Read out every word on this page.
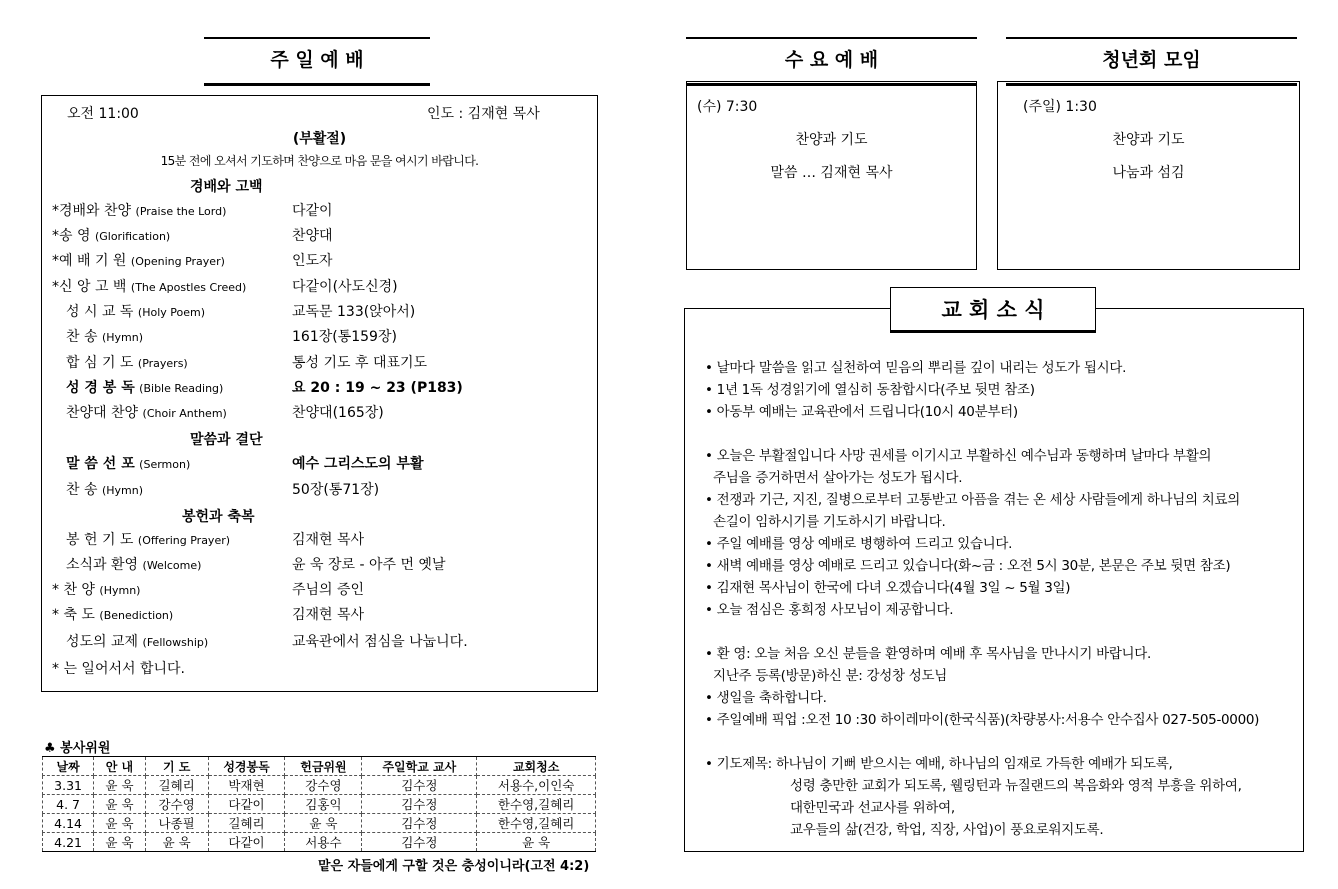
주 일 예 배
오전 11:00	인도 : 김재현 목사
(부활절)
15분 전에 오셔서 기도하며 찬양으로 마음 문을 여시기 바랍니다.
경배와 고백
*경배와 찬양 (Praise the Lord)	다같이
*송 영 (Glorification)	찬양대
*예 배 기 원 (Opening Prayer)	인도자
*신 앙 고 백 (The Apostles Creed)	다같이(사도신경)
성 시 교 독 (Holy Poem)	교독문 133(앉아서)
찬 송 (Hymn)	161장(통159장)
합 심 기 도 (Prayers)	통성 기도 후 대표기도
성 경 봉 독 (Bible Reading)	요 20 : 19 ~ 23 (P183)
찬양대 찬양 (Choir Anthem)	찬양대(165장)
말 씀 선 포 (Sermon)	예수 그리스도의 부활
찬 송 (Hymn)	50장(통71장)
봉 헌 기 도 (Offering Prayer)	김재현 목사
소식과 환영 (Welcome)	윤 욱 장로 - 아주 먼 옛날
* 찬 양 (Hymn)	주님의 증인
* 축 도 (Benediction)	김재현 목사
성도의 교제 (Fellowship)	교육관에서 점심을 나눕니다.
말씀과 결단
봉헌과 축복
* 는 일어서서 합니다.
♣ 봉사위원
날짜	안 내	기 도	성경봉독	헌금위원	주일학교 교사	교회청소
3.31	윤 욱	길혜리	박재현	강수영	김수정	서용수,이인숙
4. 7	윤 욱	강수영	다같이	김홍익	김수정	한수영,길혜리
4.14	윤 욱	나종필	길혜리	윤 욱	김수정	한수영,길혜리
4.21	윤 욱	윤 욱	다같이	서용수	김수정	윤 욱
맡은 자들에게 구할 것은 충성이니라(고전 4:2)
수 요 예 배
(수) 7:30
찬양과 기도
말씀 … 김재현 목사
청년회 모임
(주일) 1:30
찬양과 기도
나눔과 섬김
• 날마다 말씀을 읽고 실천하여 믿음의 뿌리를 깊이 내리는 성도가 됩시다.
• 1년 1독 성경읽기에 열심히 동참합시다(주보 뒷면 참조)
• 아동부 예배는 교육관에서 드립니다(10시 40분부터)
• 오늘은 부활절입니다 사망 권세를 이기시고 부활하신 예수님과 동행하며 날마다 부활의
주님을 증거하면서 살아가는 성도가 됩시다.
• 전쟁과 기근, 지진, 질병으로부터 고통받고 아픔을 겪는 온 세상 사람들에게 하나님의 치료의
손길이 임하시기를 기도하시기 바랍니다.
• 주일 예배를 영상 예배로 병행하여 드리고 있습니다.
• 새벽 예배를 영상 예배로 드리고 있습니다(화~금 : 오전 5시 30분, 본문은 주보 뒷면 참조)
• 김재현 목사님이 한국에 다녀 오겠습니다(4월 3일 ~ 5월 3일)
• 오늘 점심은 홍희정 사모님이 제공합니다.
• 환 영: 오늘 처음 오신 분들을 환영하며 예배 후 목사님을 만나시기 바랍니다.
지난주 등록(방문)하신 분: 강성창 성도님
• 생일을 축하합니다.
• 주일예배 픽업 :오전 10 :30 하이레마이(한국식품)(차량봉사:서용수 안수집사 027-505-0000)
• 기도제목: 하나님이 기뻐 받으시는 예배, 하나님의 임재로 가득한 예배가 되도록,
성령 충만한 교회가 되도록, 웰링턴과 뉴질랜드의 복음화와 영적 부흥을 위하여,
대한민국과 선교사를 위하여,
교우들의 삶(건강, 학업, 직장, 사업)이 풍요로워지도록.
교 회 소 식
